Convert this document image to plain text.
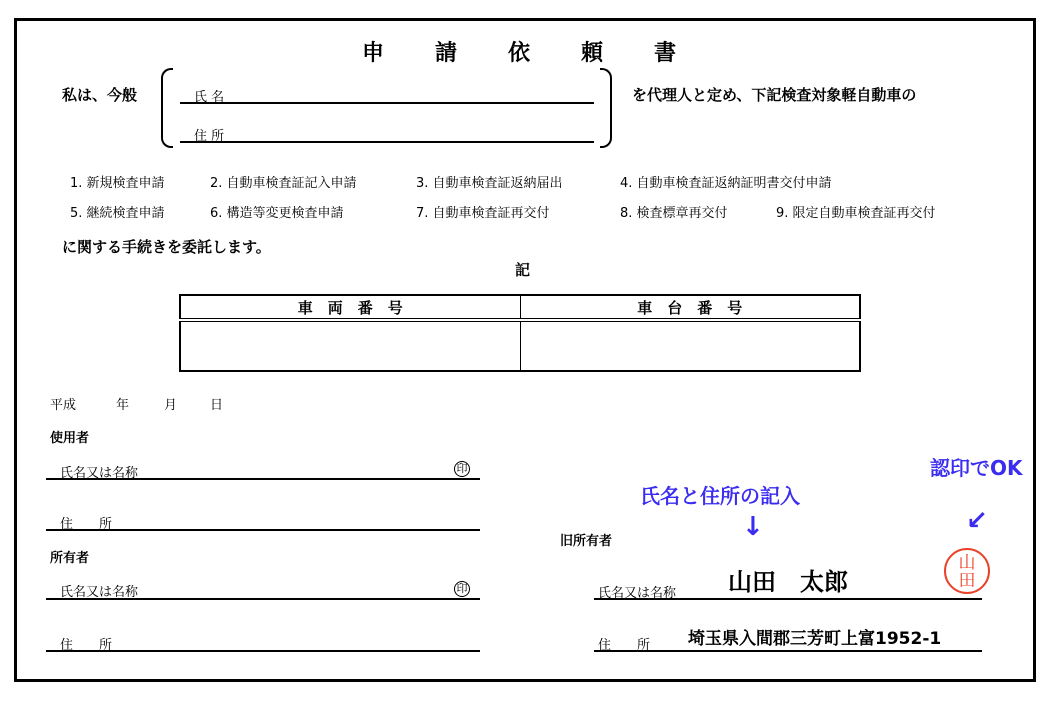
申 請 依 頼 書
私は、今般	氏 名
住 所
を代理人と定め、下記検査対象軽自動車の
1. 新規検査申請	2. 自動車検査証記入申請	3. 自動車検査証返納届出	4. 自動車検査証返納証明書交付申請
5. 継続検査申請	6. 構造等変更検査申請	7. 自動車検査証再交付	8. 検査標章再交付	9. 限定自動車検査証再交付
に関する手続きを委託します。
記
車　両　番　号	車　台　番　号

平成	年	月	日
使用者
氏名又は名称	印
住　　所
所有者
氏名又は名称	印
住　　所
旧所有者
氏名又は名称 山田　太郎
住　　所 埼玉県入間郡三芳町上富1952-1
氏名と住所の記入
↓
認印でOK
↙
山
田
